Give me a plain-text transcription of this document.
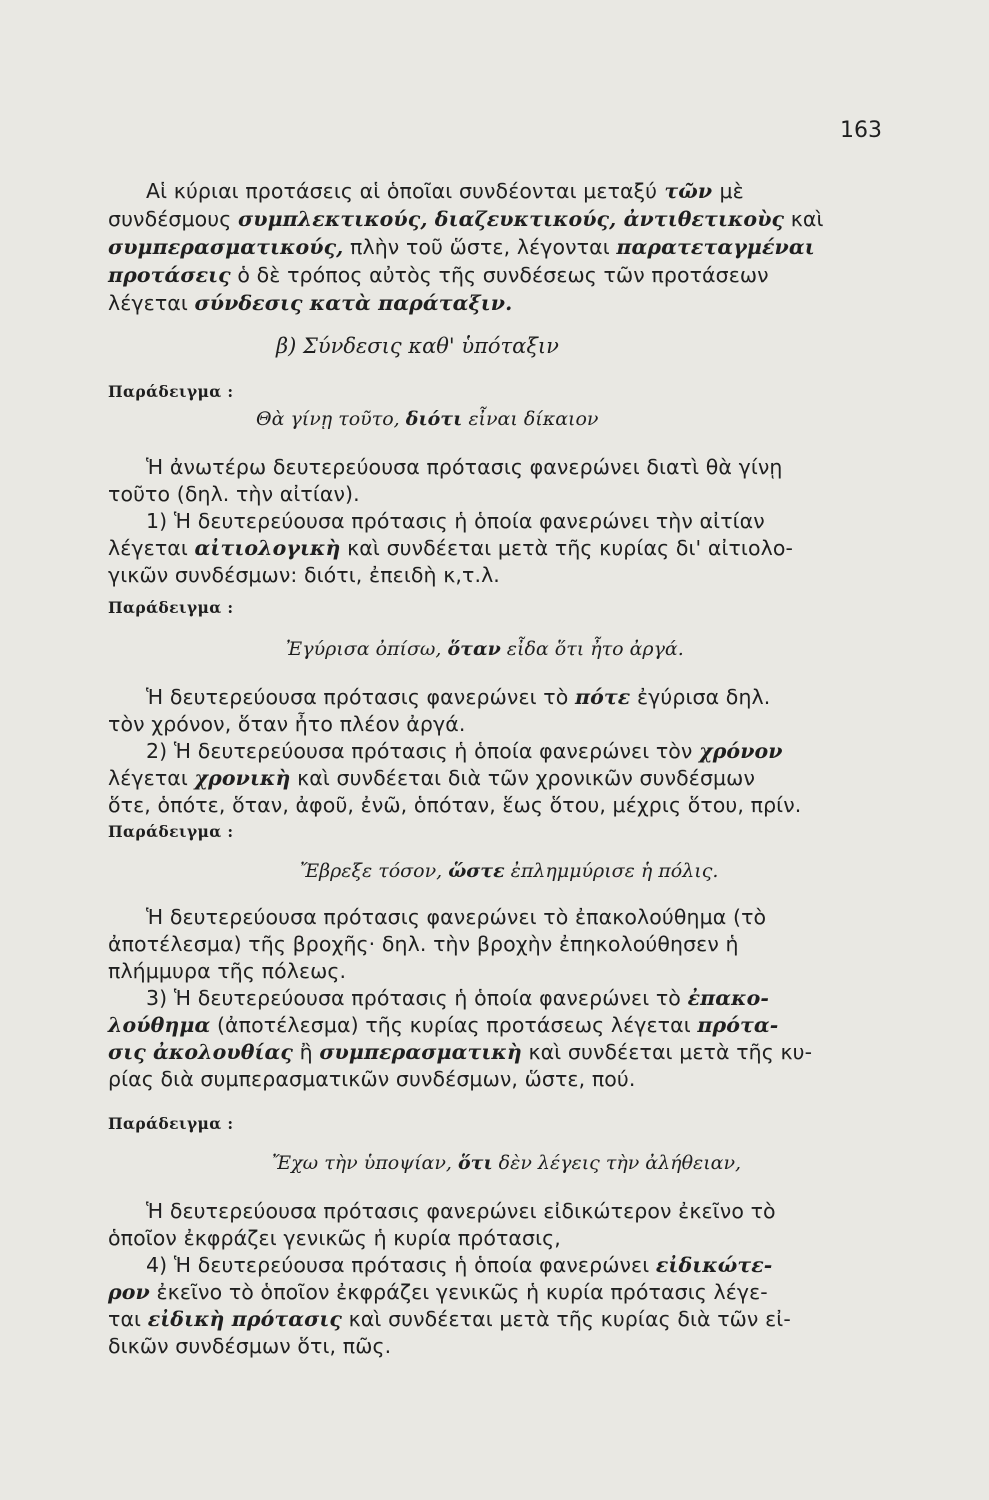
163
Αἱ κύριαι προτάσεις αἱ ὁποῖαι συνδέονται μεταξύ τῶν μὲ
συνδέσμους συμπλεκτικούς, διαζευκτικούς, ἀντιθετικοὺς καὶ
συμπερασματικούς, πλὴν τοῦ ὥστε, λέγονται παρατεταγμέναι
προτάσεις ὁ δὲ τρόπος αὐτὸς τῆς συνδέσεως τῶν προτάσεων
λέγεται σύνδεσις κατὰ παράταξιν.
β) Σύνδεσις καθ' ὑπόταξιν
Παράδειγμα :
Θὰ γίνῃ τοῦτο, διότι εἶναι δίκαιον
Ἡ ἀνωτέρω δευτερεύουσα πρότασις φανερώνει διατὶ θὰ γίνῃ
τοῦτο (δηλ. τὴν αἰτίαν).
1) Ἡ δευτερεύουσα πρότασις ἡ ὁποία φανερώνει τὴν αἰτίαν
λέγεται αἰτιολογικὴ καὶ συνδέεται μετὰ τῆς κυρίας δι' αἰτιολο-
γικῶν συνδέσμων: διότι, ἐπειδὴ κ,τ.λ.
Παράδειγμα :
Ἐγύρισα ὀπίσω, ὅταν εἶδα ὅτι ἦτο ἀργά.
Ἡ δευτερεύουσα πρότασις φανερώνει τὸ πότε ἐγύρισα δηλ.
τὸν χρόνον, ὅταν ἦτο πλέον ἀργά.
2) Ἡ δευτερεύουσα πρότασις ἡ ὁποία φανερώνει τὸν χρόνον
λέγεται χρονικὴ καὶ συνδέεται διὰ τῶν χρονικῶν συνδέσμων
ὅτε, ὁπότε, ὅταν, ἀφοῦ, ἐνῶ, ὁπόταν, ἕως ὅτου, μέχρις ὅτου, πρίν.
Παράδειγμα :
Ἔβρεξε τόσον, ὥστε ἐπλημμύρισε ἡ πόλις.
Ἡ δευτερεύουσα πρότασις φανερώνει τὸ ἐπακολούθημα (τὸ
ἀποτέλεσμα) τῆς βροχῆς· δηλ. τὴν βροχὴν ἐπηκολούθησεν ἡ
πλήμμυρα τῆς πόλεως.
3) Ἡ δευτερεύουσα πρότασις ἡ ὁποία φανερώνει τὸ ἐπακο-
λούθημα (ἀποτέλεσμα) τῆς κυρίας προτάσεως λέγεται πρότα-
σις ἀκολουθίας ἢ συμπερασματικὴ καὶ συνδέεται μετὰ τῆς κυ-
ρίας διὰ συμπερασματικῶν συνδέσμων, ὥστε, πού.
Παράδειγμα :
Ἔχω τὴν ὑποψίαν, ὅτι δὲν λέγεις τὴν ἀλήθειαν,
Ἡ δευτερεύουσα πρότασις φανερώνει εἰδικώτερον ἐκεῖνο τὸ
ὁποῖον ἐκφράζει γενικῶς ἡ κυρία πρότασις,
4) Ἡ δευτερεύουσα πρότασις ἡ ὁποία φανερώνει εἰδικώτε-
ρον ἐκεῖνο τὸ ὁποῖον ἐκφράζει γενικῶς ἡ κυρία πρότασις λέγε-
ται εἰδικὴ πρότασις καὶ συνδέεται μετὰ τῆς κυρίας διὰ τῶν εἰ-
δικῶν συνδέσμων ὅτι, πῶς.
